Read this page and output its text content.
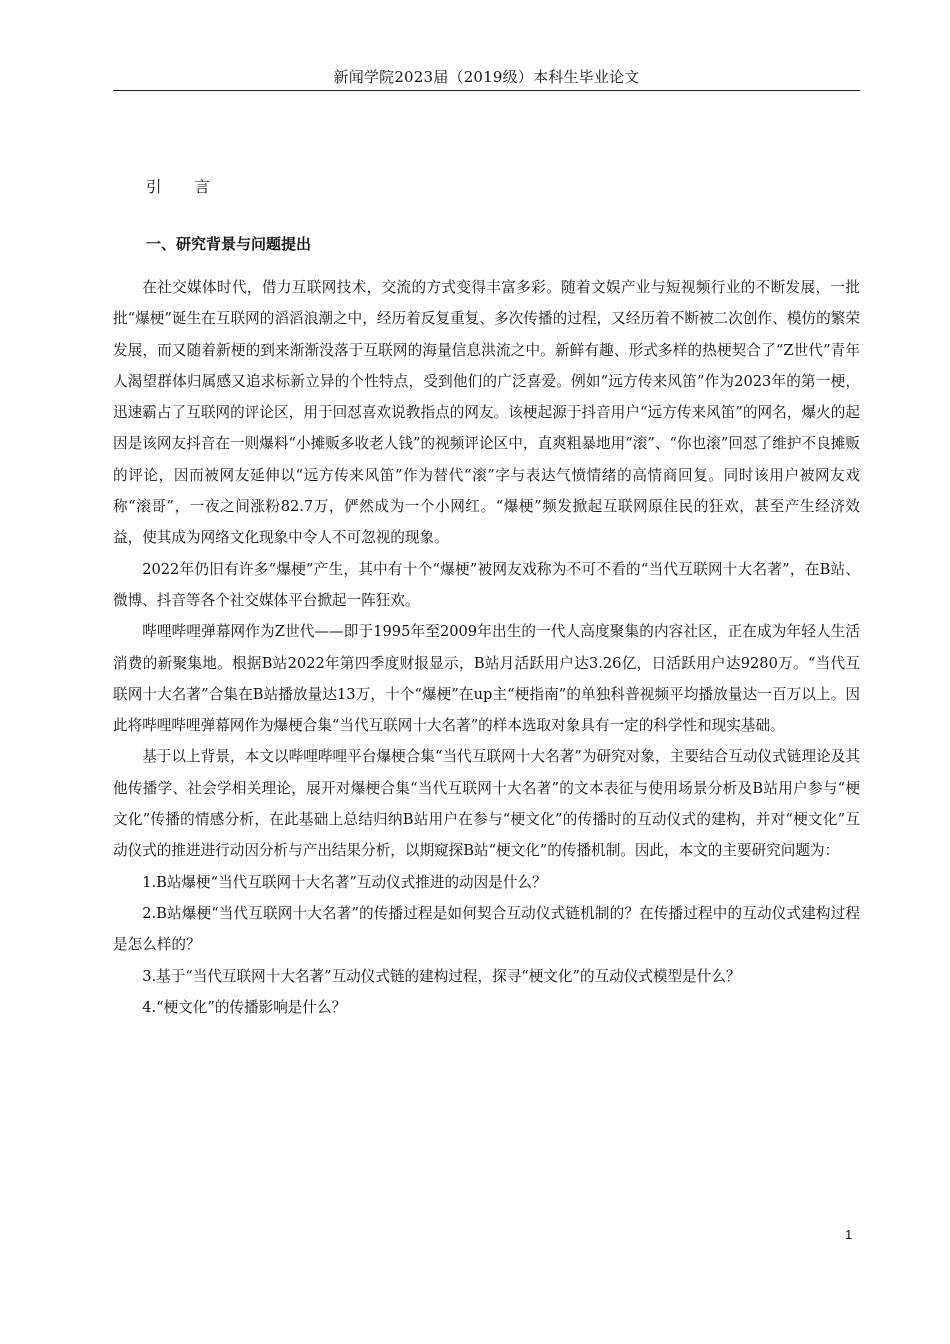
新闻学院2023届（2019级）本科生毕业论文
引 言
一、研究背景与问题提出

在社交媒体时代，借力互联网技术，交流的方式变得丰富多彩。随着文娱产业与短视频行业的不断发展，一批批“爆梗”诞生在互联网的滔滔浪潮之中，经历着反复重复、多次传播的过程，又经历着不断被二次创作、模仿的繁荣发展，而又随着新梗的到来渐渐没落于互联网的海量信息洪流之中。新鲜有趣、形式多样的热梗契合了“Z世代”青年人渴望群体归属感又追求标新立异的个性特点，受到他们的广泛喜爱。例如“远方传来风笛”作为2023年的第一梗，迅速霸占了互联网的评论区，用于回怼喜欢说教指点的网友。该梗起源于抖音用户“远方传来风笛”的网名，爆火的起因是该网友抖音在一则爆料“小摊贩多收老人钱”的视频评论区中，直爽粗暴地用“滚”、“你也滚”回怼了维护不良摊贩的评论，因而被网友延伸以“远方传来风笛”作为替代“滚”字与表达气愤情绪的高情商回复。同时该用户被网友戏称“滚哥”，一夜之间涨粉82.7万，俨然成为一个小网红。“爆梗”频发掀起互联网原住民的狂欢，甚至产生经济效益，使其成为网络文化现象中令人不可忽视的现象。

2022年仍旧有许多“爆梗”产生，其中有十个“爆梗”被网友戏称为不可不看的“当代互联网十大名著”，在B站、微博、抖音等各个社交媒体平台掀起一阵狂欢。

哔哩哔哩弹幕网作为Z世代——即于1995年至2009年出生的一代人高度聚集的内容社区，正在成为年轻人生活消费的新聚集地。根据B站2022年第四季度财报显示，B站月活跃用户达3.26亿，日活跃用户达9280万。“当代互联网十大名著”合集在B站播放量达13万，十个“爆梗”在up主“梗指南”的单独科普视频平均播放量达一百万以上。因此将哔哩哔哩弹幕网作为爆梗合集“当代互联网十大名著”的样本选取对象具有一定的科学性和现实基础。

基于以上背景，本文以哔哩哔哩平台爆梗合集“当代互联网十大名著”为研究对象，主要结合互动仪式链理论及其他传播学、社会学相关理论，展开对爆梗合集“当代互联网十大名著”的文本表征与使用场景分析及B站用户参与“梗文化”传播的情感分析，在此基础上总结归纳B站用户在参与“梗文化”的传播时的互动仪式的建构，并对“梗文化”互动仪式的推进进行动因分析与产出结果分析，以期窥探B站“梗文化”的传播机制。因此，本文的主要研究问题为：

1.B站爆梗“当代互联网十大名著”互动仪式推进的动因是什么？

2.B站爆梗“当代互联网十大名著”的传播过程是如何契合互动仪式链机制的？在传播过程中的互动仪式建构过程是怎么样的？

3.基于“当代互联网十大名著”互动仪式链的建构过程，探寻“梗文化”的互动仪式模型是什么？

4.“梗文化”的传播影响是什么？

1
